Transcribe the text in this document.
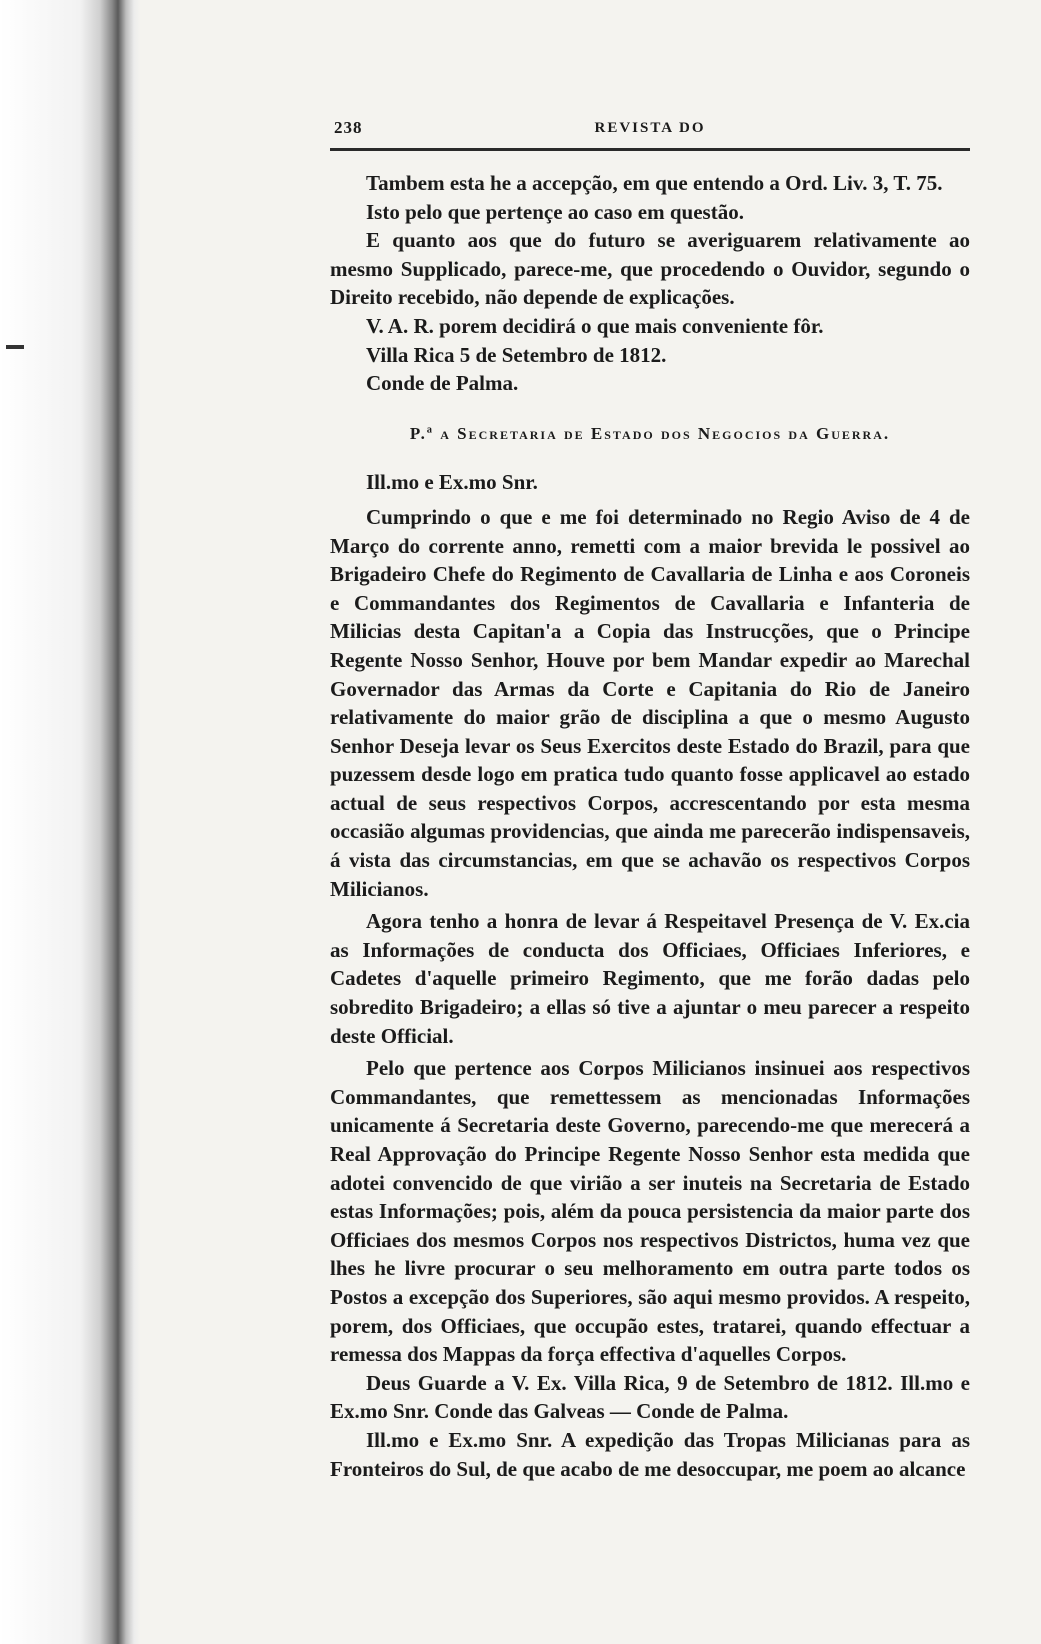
238	REVISTA DO

Tambem esta he a accepção, em que entendo a Ord. Liv. 3, T. 75.

Isto pelo que pertençe ao caso em questão.

E quanto aos que do futuro se averiguarem relativamente ao mesmo Supplicado, parece-me, que procedendo o Ouvidor, segundo o Direito recebido, não depende de explicações.

V. A. R. porem decidirá o que mais conveniente fôr.

Villa Rica 5 de Setembro de 1812.

Conde de Palma.

P.ª a Secretaria de Estado dos Negocios da Guerra.

Ill.mo e Ex.mo Snr.

Cumprindo o que e me foi determinado no Regio Aviso de 4 de Março do corrente anno, remetti com a maior brevida le possivel ao Brigadeiro Chefe do Regimento de Cavallaria de Linha e aos Coroneis e Commandantes dos Regimentos de Cavallaria e Infanteria de Milicias desta Capitan'a a Copia das Instrucções, que o Principe Regente Nosso Senhor, Houve por bem Mandar expedir ao Marechal Governador das Armas da Corte e Capitania do Rio de Janeiro relativamente do maior grão de disciplina a que o mesmo Augusto Senhor Deseja levar os Seus Exercitos deste Estado do Brazil, para que puzessem desde logo em pratica tudo quanto fosse applicavel ao estado actual de seus respectivos Corpos, accrescentando por esta mesma occasião algumas providencias, que ainda me parecerão indispensaveis, á vista das circumstancias, em que se achavão os respectivos Corpos Milicianos.

Agora tenho a honra de levar á Respeitavel Presença de V. Ex.cia as Informações de conducta dos Officiaes, Officiaes Inferiores, e Cadetes d'aquelle primeiro Regimento, que me forão dadas pelo sobredito Brigadeiro; a ellas só tive a ajuntar o meu parecer a respeito deste Official.

Pelo que pertence aos Corpos Milicianos insinuei aos respectivos Commandantes, que remettessem as mencionadas Informações unicamente á Secretaria deste Governo, parecendo-me que merecerá a Real Approvação do Principe Regente Nosso Senhor esta medida que adotei convencido de que virião a ser inuteis na Secretaria de Estado estas Informações; pois, além da pouca persistencia da maior parte dos Officiaes dos mesmos Corpos nos respectivos Districtos, huma vez que lhes he livre procurar o seu melhoramento em outra parte todos os Postos a excepção dos Superiores, são aqui mesmo providos. A respeito, porem, dos Officiaes, que occupão estes, tratarei, quando effectuar a remessa dos Mappas da força effectiva d'aquelles Corpos.

Deus Guarde a V. Ex. Villa Rica, 9 de Setembro de 1812. Ill.mo e Ex.mo Snr. Conde das Galveas — Conde de Palma.

Ill.mo e Ex.mo Snr. A expedição das Tropas Milicianas para as Fronteiros do Sul, de que acabo de me desoccupar, me poem ao alcance
